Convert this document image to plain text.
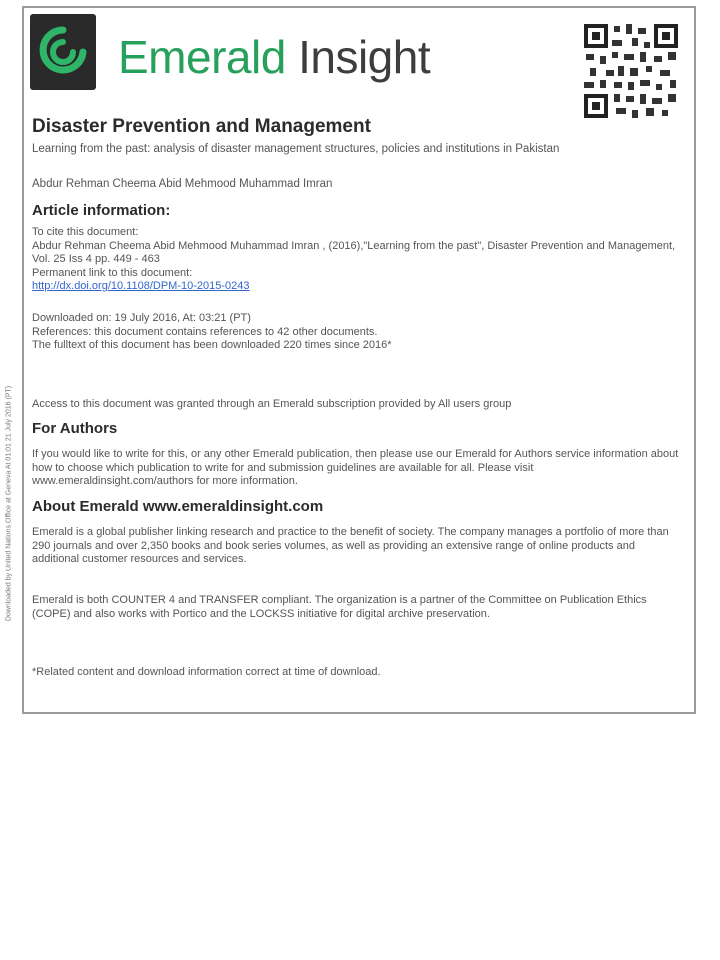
Downloaded by United Nations Office at Geneva At 01:01 21 July 2016 (PT)
Emerald Insight
Disaster Prevention and Management
Learning from the past: analysis of disaster management structures, policies and institutions in Pakistan
Abdur Rehman Cheema Abid Mehmood Muhammad Imran
Article information:

To cite this document:

Abdur Rehman Cheema Abid Mehmood Muhammad Imran , (2016),"Learning from the past", Disaster Prevention and Management, Vol. 25 Iss 4 pp. 449 - 463

Permanent link to this document:

http://dx.doi.org/10.1108/DPM-10-2015-0243

Downloaded on: 19 July 2016, At: 03:21 (PT)

References: this document contains references to 42 other documents.

The fulltext of this document has been downloaded 220 times since 2016*

Access to this document was granted through an Emerald subscription provided by All users group
For Authors
If you would like to write for this, or any other Emerald publication, then please use our Emerald for Authors service information about how to choose which publication to write for and submission guidelines are available for all. Please visit www.emeraldinsight.com/authors for more information.
About Emerald www.emeraldinsight.com
Emerald is a global publisher linking research and practice to the benefit of society. The company manages a portfolio of more than 290 journals and over 2,350 books and book series volumes, as well as providing an extensive range of online products and additional customer resources and services.
Emerald is both COUNTER 4 and TRANSFER compliant. The organization is a partner of the Committee on Publication Ethics (COPE) and also works with Portico and the LOCKSS initiative for digital archive preservation.
*Related content and download information correct at time of download.
